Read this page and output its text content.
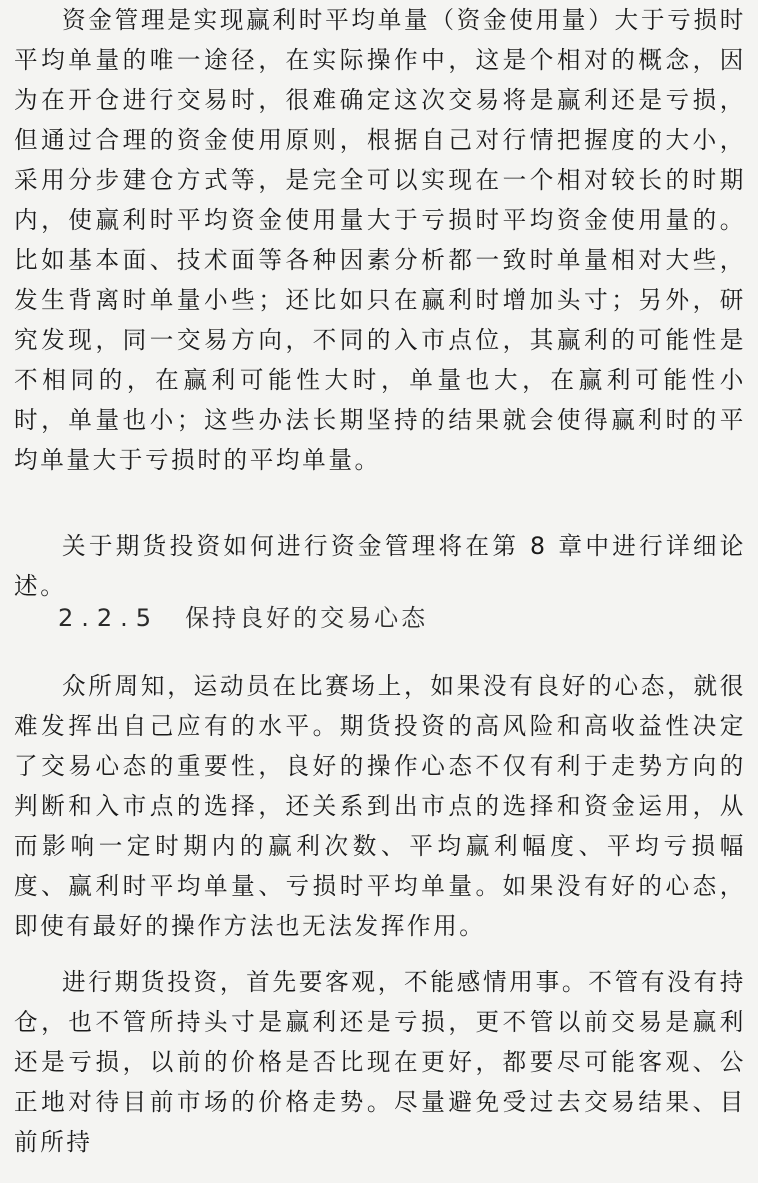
资金管理是实现赢利时平均单量（资金使用量）大于亏损时平均单量的唯一途径，在实际操作中，这是个相对的概念，因为在开仓进行交易时，很难确定这次交易将是赢利还是亏损，但通过合理的资金使用原则，根据自己对行情把握度的大小，采用分步建仓方式等，是完全可以实现在一个相对较长的时期内，使赢利时平均资金使用量大于亏损时平均资金使用量的。比如基本面、技术面等各种因素分析都一致时单量相对大些，发生背离时单量小些；还比如只在赢利时增加头寸；另外，研究发现，同一交易方向，不同的入市点位，其赢利的可能性是不相同的，在赢利可能性大时，单量也大，在赢利可能性小时，单量也小；这些办法长期坚持的结果就会使得赢利时的平均单量大于亏损时的平均单量。

关于期货投资如何进行资金管理将在第 8 章中进行详细论述。

2.2.5 保持良好的交易心态

众所周知，运动员在比赛场上，如果没有良好的心态，就很难发挥出自己应有的水平。期货投资的高风险和高收益性决定了交易心态的重要性，良好的操作心态不仅有利于走势方向的判断和入市点的选择，还关系到出市点的选择和资金运用，从而影响一定时期内的赢利次数、平均赢利幅度、平均亏损幅度、赢利时平均单量、亏损时平均单量。如果没有好的心态，即使有最好的操作方法也无法发挥作用。

进行期货投资，首先要客观，不能感情用事。不管有没有持仓，也不管所持头寸是赢利还是亏损，更不管以前交易是赢利还是亏损，以前的价格是否比现在更好，都要尽可能客观、公正地对待目前市场的价格走势。尽量避免受过去交易结果、目前所持
